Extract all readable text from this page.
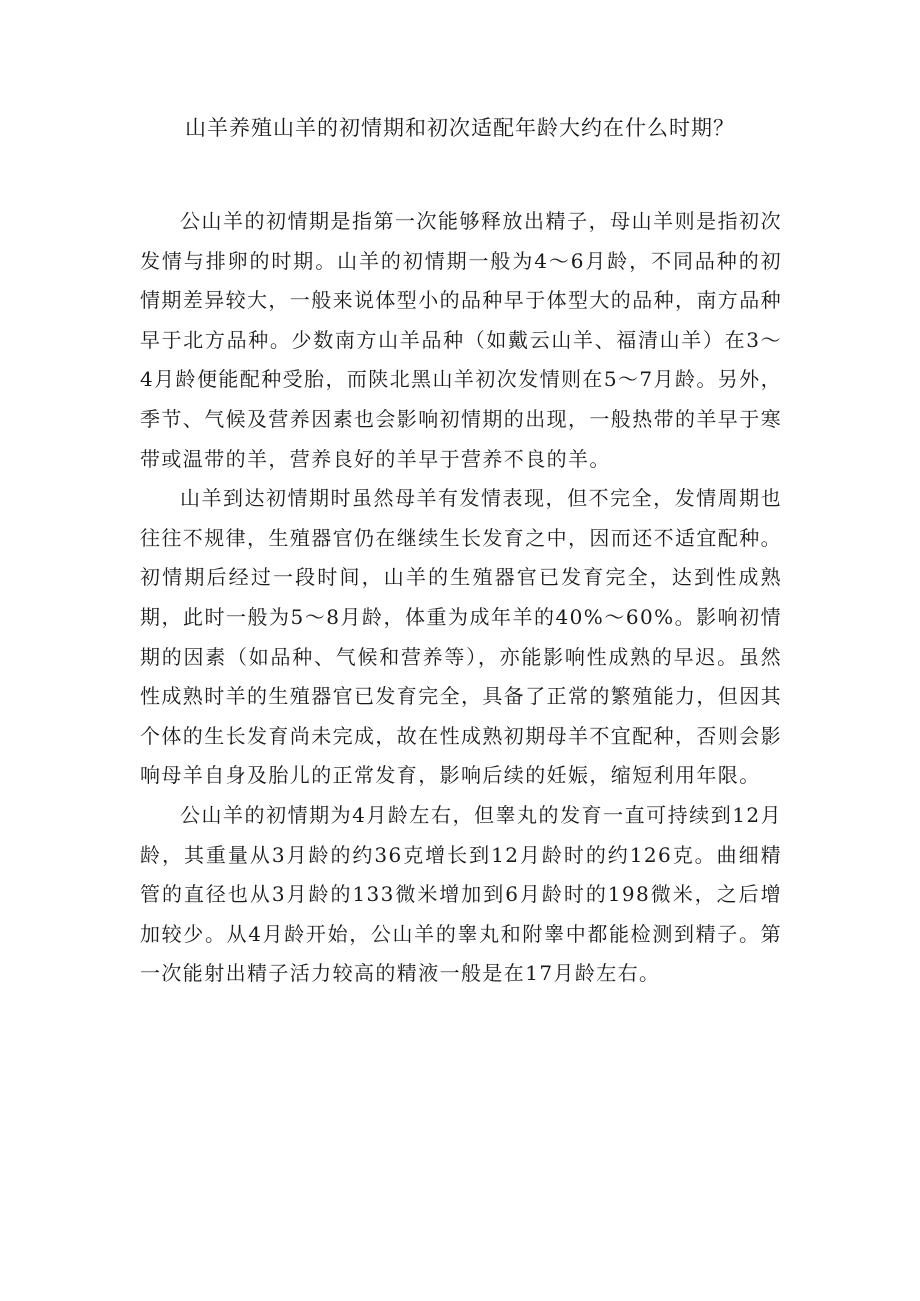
山羊养殖山羊的初情期和初次适配年龄大约在什么时期？

公山羊的初情期是指第一次能够释放出精子，母山羊则是指初次发情与排卵的时期。山羊的初情期一般为4～6月龄，不同品种的初情期差异较大，一般来说体型小的品种早于体型大的品种，南方品种早于北方品种。少数南方山羊品种（如戴云山羊、福清山羊）在3～4月龄便能配种受胎，而陕北黑山羊初次发情则在5～7月龄。另外，季节、气候及营养因素也会影响初情期的出现，一般热带的羊早于寒带或温带的羊，营养良好的羊早于营养不良的羊。

山羊到达初情期时虽然母羊有发情表现，但不完全，发情周期也往往不规律，生殖器官仍在继续生长发育之中，因而还不适宜配种。初情期后经过一段时间，山羊的生殖器官已发育完全，达到性成熟期，此时一般为5～8月龄，体重为成年羊的40%～60%。影响初情期的因素（如品种、气候和营养等），亦能影响性成熟的早迟。虽然性成熟时羊的生殖器官已发育完全，具备了正常的繁殖能力，但因其个体的生长发育尚未完成，故在性成熟初期母羊不宜配种，否则会影响母羊自身及胎儿的正常发育，影响后续的妊娠，缩短利用年限。

公山羊的初情期为4月龄左右，但睾丸的发育一直可持续到12月龄，其重量从3月龄的约36克增长到12月龄时的约126克。曲细精管的直径也从3月龄的133微米增加到6月龄时的198微米，之后增加较少。从4月龄开始，公山羊的睾丸和附睾中都能检测到精子。第一次能射出精子活力较高的精液一般是在17月龄左右。
